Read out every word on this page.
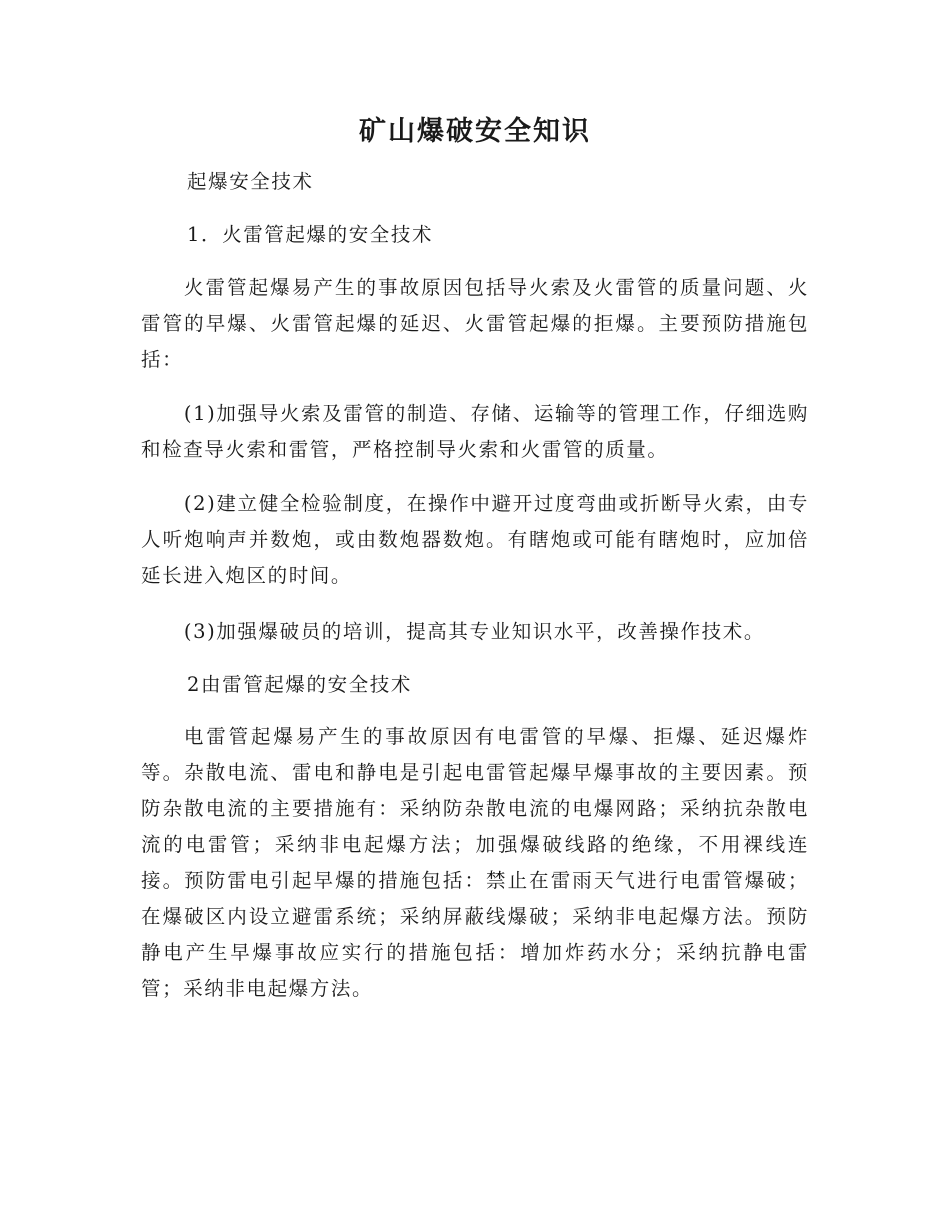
矿山爆破安全知识

起爆安全技术

1．火雷管起爆的安全技术

火雷管起爆易产生的事故原因包括导火索及火雷管的质量问题、火雷管的早爆、火雷管起爆的延迟、火雷管起爆的拒爆。主要预防措施包括：

(1)加强导火索及雷管的制造、存储、运输等的管理工作，仔细选购和检查导火索和雷管，严格控制导火索和火雷管的质量。

(2)建立健全检验制度，在操作中避开过度弯曲或折断导火索，由专人听炮响声并数炮，或由数炮器数炮。有瞎炮或可能有瞎炮时，应加倍延长进入炮区的时间。

(3)加强爆破员的培训，提高其专业知识水平，改善操作技术。

2由雷管起爆的安全技术

电雷管起爆易产生的事故原因有电雷管的早爆、拒爆、延迟爆炸等。杂散电流、雷电和静电是引起电雷管起爆早爆事故的主要因素。预防杂散电流的主要措施有：采纳防杂散电流的电爆网路；采纳抗杂散电流的电雷管；采纳非电起爆方法；加强爆破线路的绝缘，不用裸线连接。预防雷电引起早爆的措施包括：禁止在雷雨天气进行电雷管爆破；在爆破区内设立避雷系统；采纳屏蔽线爆破；采纳非电起爆方法。预防静电产生早爆事故应实行的措施包括：增加炸药水分；采纳抗静电雷管；采纳非电起爆方法。
